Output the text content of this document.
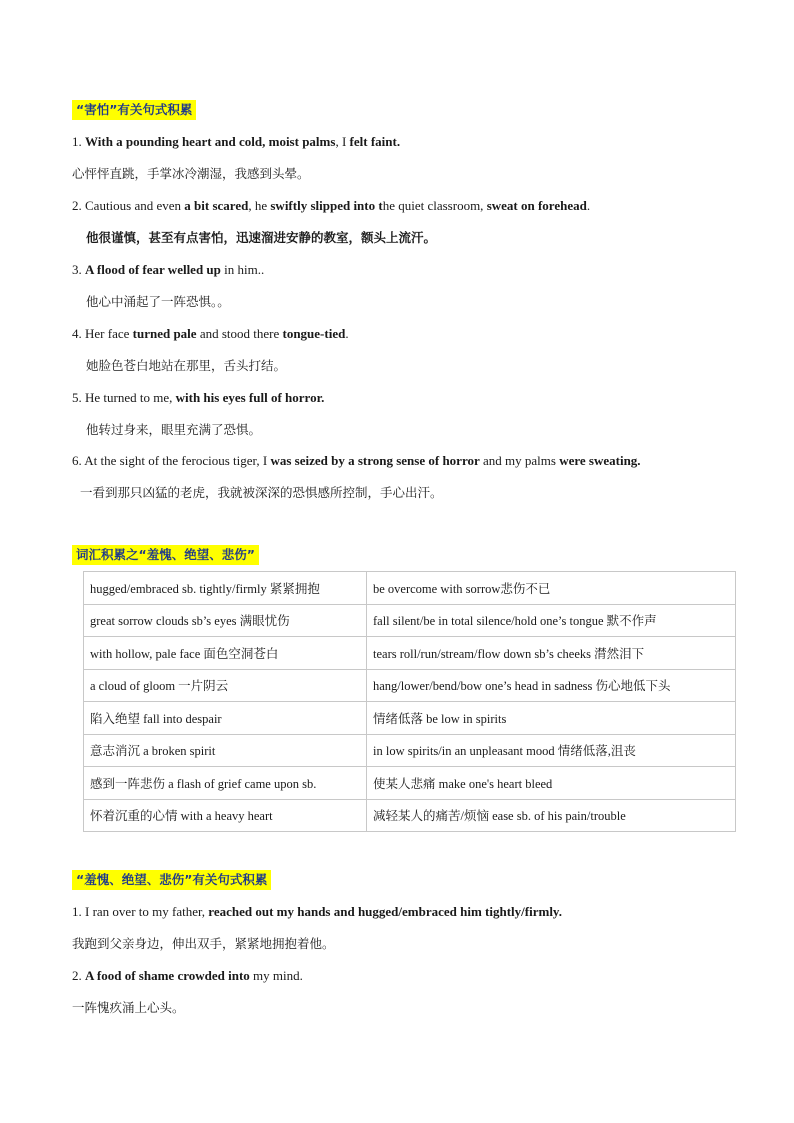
“害怕”有关句式积累
1. With a pounding heart and cold, moist palms, I felt faint.
心怦怦直跳，手掌冰冷潮湿，我感到头晕。
2. Cautious and even a bit scared, he swiftly slipped into the quiet classroom, sweat on forehead.
他很谨慎，甚至有点害怕，迅速溜进安静的教室，额头上流汗。
3. A flood of fear welled up in him..
他心中涌起了一阵恐惧。。
4. Her face turned pale and stood there tongue-tied.
她脸色苍白地站在那里，舌头打结。
5. He turned to me, with his eyes full of horror.
他转过身来，眼里充满了恐惧。
6. At the sight of the ferocious tiger, I was seized by a strong sense of horror and my palms were sweating.
一看到那只凶猛的老虎，我就被深深的恐惧感所控制，手心出汗。
词汇积累之“羞愧、绝望、悲伤”
hugged/embraced sb. tightly/firmly 紧紧拥抱	be overcome with sorrow悲伤不已
great sorrow clouds sb’s eyes 满眼忧伤	fall silent/be in total silence/hold one’s tongue 默不作声
with hollow, pale face 面色空洞苍白	tears roll/run/stream/flow down sb’s cheeks 潸然泪下
a cloud of gloom 一片阴云	hang/lower/bend/bow one’s head in sadness 伤心地低下头
陷入绝望 fall into despair	情绪低落 be low in spirits
意志消沉 a broken spirit	in low spirits/in an unpleasant mood 情绪低落,沮丧
感到一阵悲伤 a flash of grief came upon sb.	使某人悲痛 make one's heart bleed
怀着沉重的心情 with a heavy heart	减轻某人的痛苦/烦恼 ease sb. of his pain/trouble
“羞愧、绝望、悲伤”有关句式积累
1. I ran over to my father, reached out my hands and hugged/embraced him tightly/firmly.
我跑到父亲身边，伸出双手，紧紧地拥抱着他。
2. A food of shame crowded into my mind.
一阵愧疚涌上心头。
